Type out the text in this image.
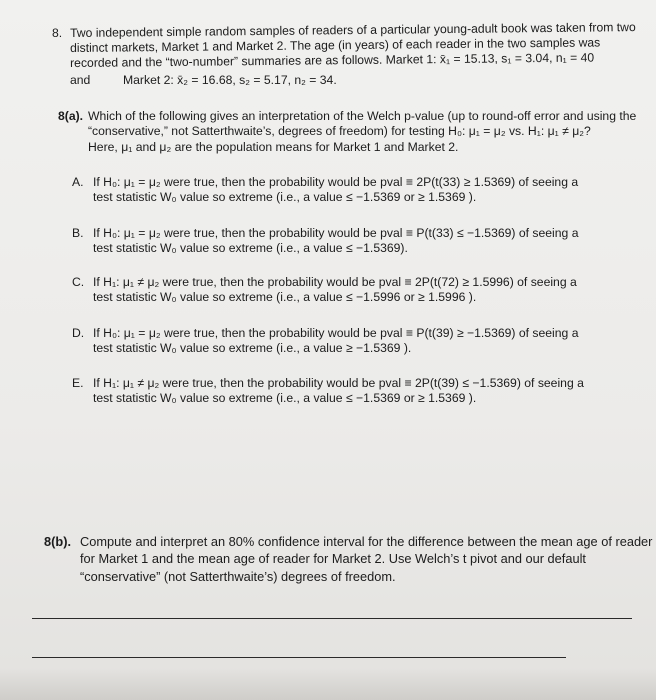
8. Two independent simple random samples of readers of a particular young-adult book was taken from two
distinct markets, Market 1 and Market 2. The age (in years) of each reader in the two samples was
recorded and the “two-number” summaries are as follows. Market 1: x̄₁ = 15.13, s₁ = 3.04, n₁ = 40
and	Market 2: x̄₂ = 16.68, s₂ = 5.17, n₂ = 34.
8(a). Which of the following gives an interpretation of the Welch p-value (up to round-off error and using the
“conservative,” not Satterthwaite’s, degrees of freedom) for testing H₀: μ₁ = μ₂ vs. H₁: μ₁ ≠ μ₂?
Here, μ₁ and μ₂ are the population means for Market 1 and Market 2.
A. If H₀: μ₁ = μ₂ were true, then the probability would be pval ≡ 2P(t(33) ≥ 1.5369) of seeing a
test statistic W₀ value so extreme (i.e., a value ≤ −1.5369 or ≥ 1.5369 ).
B. If H₀: μ₁ = μ₂ were true, then the probability would be pval ≡ P(t(33) ≤ −1.5369) of seeing a
test statistic W₀ value so extreme (i.e., a value ≤ −1.5369).
C. If H₁: μ₁ ≠ μ₂ were true, then the probability would be pval ≡ 2P(t(72) ≥ 1.5996) of seeing a
test statistic W₀ value so extreme (i.e., a value ≤ −1.5996 or ≥ 1.5996 ).
D. If H₀: μ₁ = μ₂ were true, then the probability would be pval ≡ P(t(39) ≥ −1.5369) of seeing a
test statistic W₀ value so extreme (i.e., a value ≥ −1.5369 ).
E. If H₁: μ₁ ≠ μ₂ were true, then the probability would be pval ≡ 2P(t(39) ≤ −1.5369) of seeing a
test statistic W₀ value so extreme (i.e., a value ≤ −1.5369 or ≥ 1.5369 ).
8(b). Compute and interpret an 80% confidence interval for the difference between the mean age of reader
for Market 1 and the mean age of reader for Market 2. Use Welch’s t pivot and our default
“conservative” (not Satterthwaite’s) degrees of freedom.
